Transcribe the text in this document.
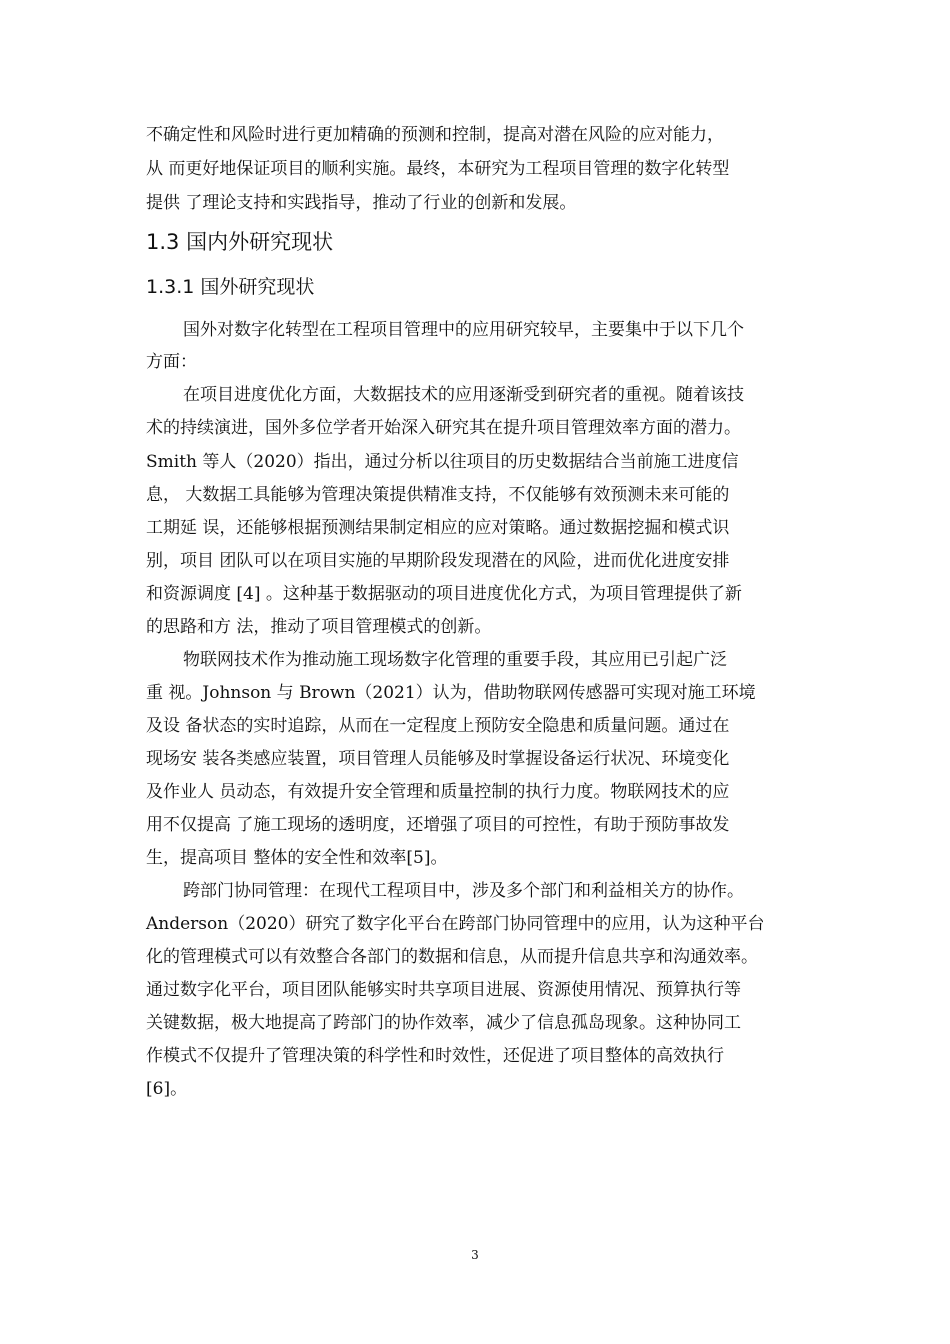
不确定性和风险时进行更加精确的预测和控制，提高对潜在风险的应对能力，
从 而更好地保证项目的顺利实施。最终，本研究为工程项目管理的数字化转型
提供 了理论支持和实践指导，推动了行业的创新和发展。
1.3 国内外研究现状
1.3.1 国外研究现状
国外对数字化转型在工程项目管理中的应用研究较早，主要集中于以下几个
方面：
在项目进度优化方面，大数据技术的应用逐渐受到研究者的重视。随着该技
术的持续演进，国外多位学者开始深入研究其在提升项目管理效率方面的潜力。
Smith 等人（2020）指出，通过分析以往项目的历史数据结合当前施工进度信
息， 大数据工具能够为管理决策提供精准支持，不仅能够有效预测未来可能的
工期延 误，还能够根据预测结果制定相应的应对策略。通过数据挖掘和模式识
别，项目 团队可以在项目实施的早期阶段发现潜在的风险，进而优化进度安排
和资源调度 [4] 。这种基于数据驱动的项目进度优化方式，为项目管理提供了新
的思路和方 法，推动了项目管理模式的创新。
物联网技术作为推动施工现场数字化管理的重要手段，其应用已引起广泛
重 视。Johnson 与 Brown（2021）认为，借助物联网传感器可实现对施工环境
及设 备状态的实时追踪，从而在一定程度上预防安全隐患和质量问题。通过在
现场安 装各类感应装置，项目管理人员能够及时掌握设备运行状况、环境变化
及作业人 员动态，有效提升安全管理和质量控制的执行力度。物联网技术的应
用不仅提高 了施工现场的透明度，还增强了项目的可控性，有助于预防事故发
生，提高项目 整体的安全性和效率[5]。
跨部门协同管理：在现代工程项目中，涉及多个部门和利益相关方的协作。
Anderson（2020）研究了数字化平台在跨部门协同管理中的应用，认为这种平台
化的管理模式可以有效整合各部门的数据和信息，从而提升信息共享和沟通效率。
通过数字化平台，项目团队能够实时共享项目进展、资源使用情况、预算执行等
关键数据，极大地提高了跨部门的协作效率，减少了信息孤岛现象。这种协同工
作模式不仅提升了管理决策的科学性和时效性，还促进了项目整体的高效执行
[6]。
3
